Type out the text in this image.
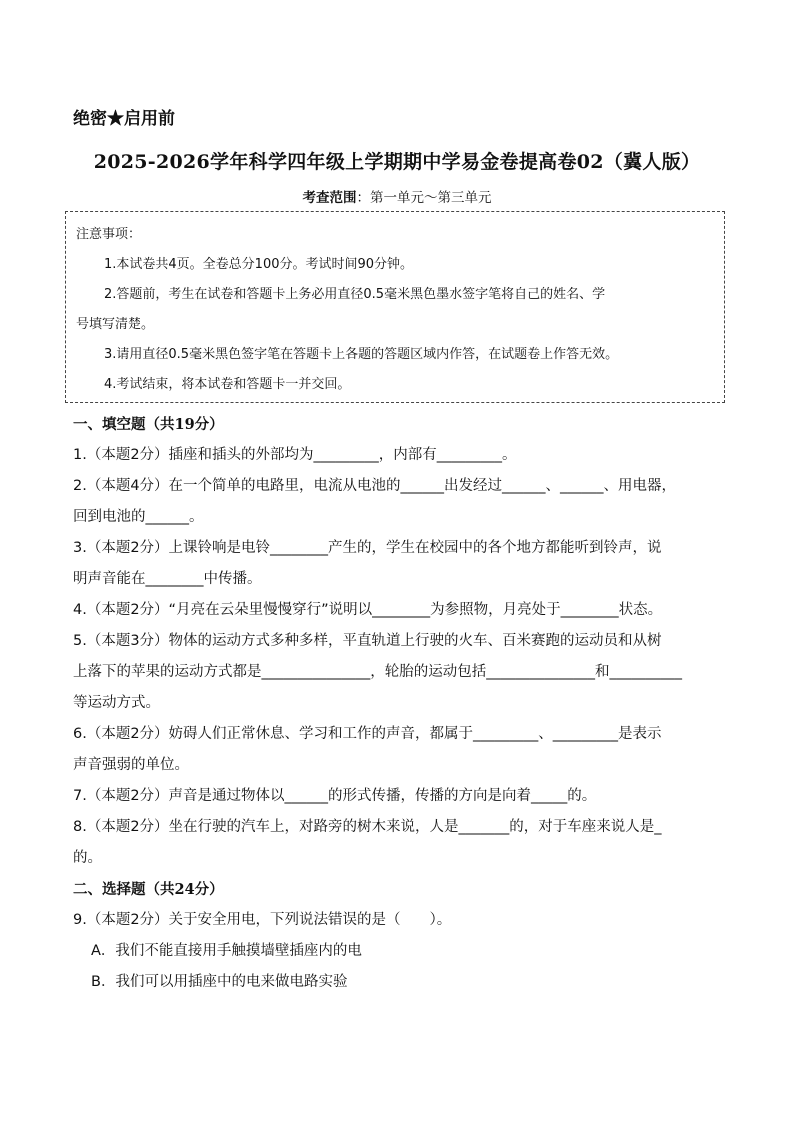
绝密★启用前
2025-2026学年科学四年级上学期期中学易金卷提高卷02（冀人版）
考查范围：第一单元～第三单元
注意事项：
1.本试卷共4页。全卷总分100分。考试时间90分钟。
2.答题前，考生在试卷和答题卡上务必用直径0.5毫米黑色墨水签字笔将自己的姓名、学
号填写清楚。
3.请用直径0.5毫米黑色签字笔在答题卡上各题的答题区域内作答，在试题卷上作答无效。
4.考试结束，将本试卷和答题卡一并交回。
一、填空题（共19分）
1.（本题2分）插座和插头的外部均为_________，内部有_________。
2.（本题4分）在一个简单的电路里，电流从电池的______出发经过______、______、用电器，
回到电池的______。
3.（本题2分）上课铃响是电铃________产生的，学生在校园中的各个地方都能听到铃声，说
明声音能在________中传播。
4.（本题2分）“月亮在云朵里慢慢穿行”说明以________为参照物，月亮处于________状态。
5.（本题3分）物体的运动方式多种多样，平直轨道上行驶的火车、百米赛跑的运动员和从树
上落下的苹果的运动方式都是_______________，轮胎的运动包括_______________和__________
等运动方式。
6.（本题2分）妨碍人们正常休息、学习和工作的声音，都属于_________、_________是表示
声音强弱的单位。
7.（本题2分）声音是通过物体以______的形式传播，传播的方向是向着_____的。
8.（本题2分）坐在行驶的汽车上，对路旁的树木来说，人是_______的，对于车座来说人是_
的。
二、选择题（共24分）
9.（本题2分）关于安全用电，下列说法错误的是（　　）。
A．我们不能直接用手触摸墙壁插座内的电
B．我们可以用插座中的电来做电路实验
